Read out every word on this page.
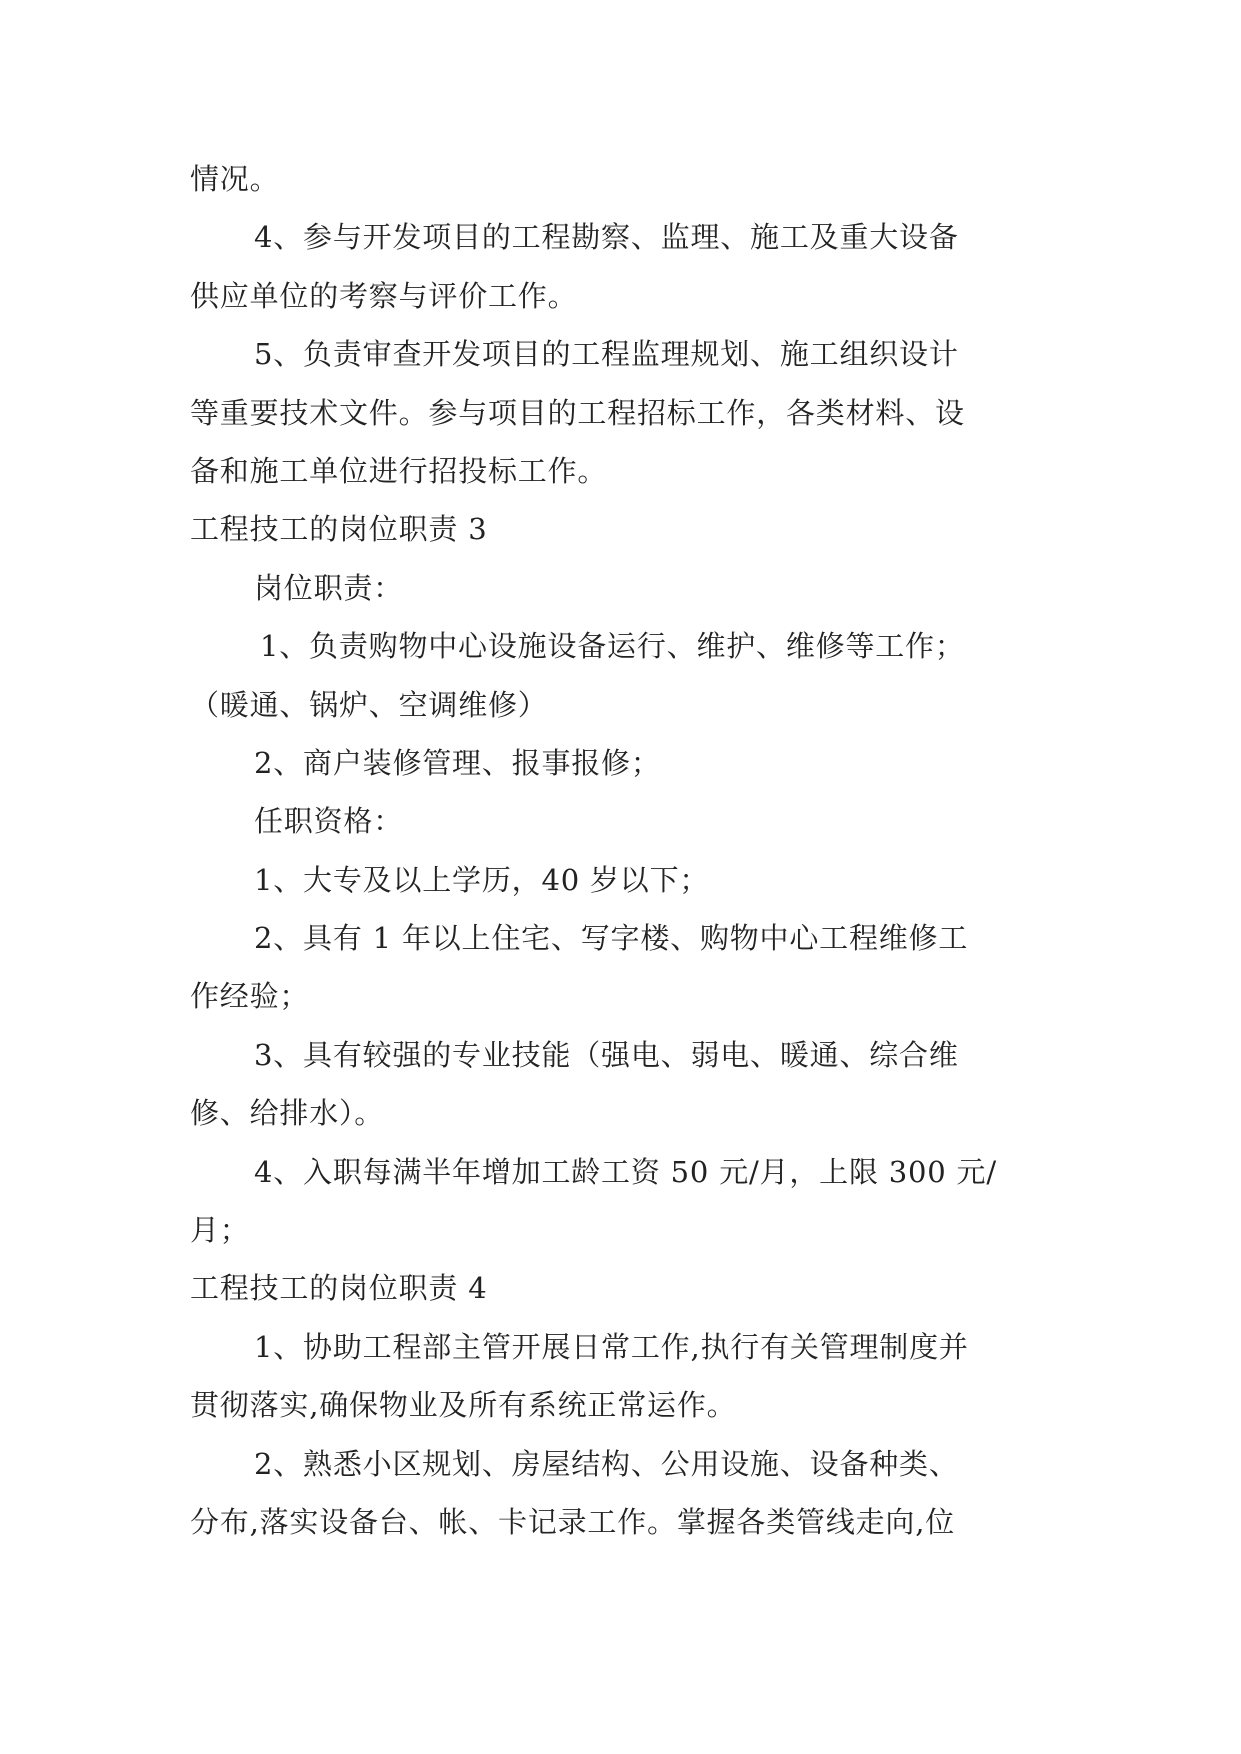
情况。
4、参与开发项目的工程勘察、监理、施工及重大设备
供应单位的考察与评价工作。
5、负责审查开发项目的工程监理规划、施工组织设计
等重要技术文件。参与项目的工程招标工作，各类材料、设
备和施工单位进行招投标工作。
工程技工的岗位职责 3
岗位职责：
1、负责购物中心设施设备运行、维护、维修等工作；
（暖通、锅炉、空调维修）
2、商户装修管理、报事报修；
任职资格：
1、大专及以上学历，40 岁以下；
2、具有 1 年以上住宅、写字楼、购物中心工程维修工
作经验；
3、具有较强的专业技能（强电、弱电、暖通、综合维
修、给排水）。
4、入职每满半年增加工龄工资 50 元/月，上限 300 元/
月；
工程技工的岗位职责 4
1、协助工程部主管开展日常工作,执行有关管理制度并
贯彻落实,确保物业及所有系统正常运作。
2、熟悉小区规划、房屋结构、公用设施、设备种类、
分布,落实设备台、帐、卡记录工作。掌握各类管线走向,位
